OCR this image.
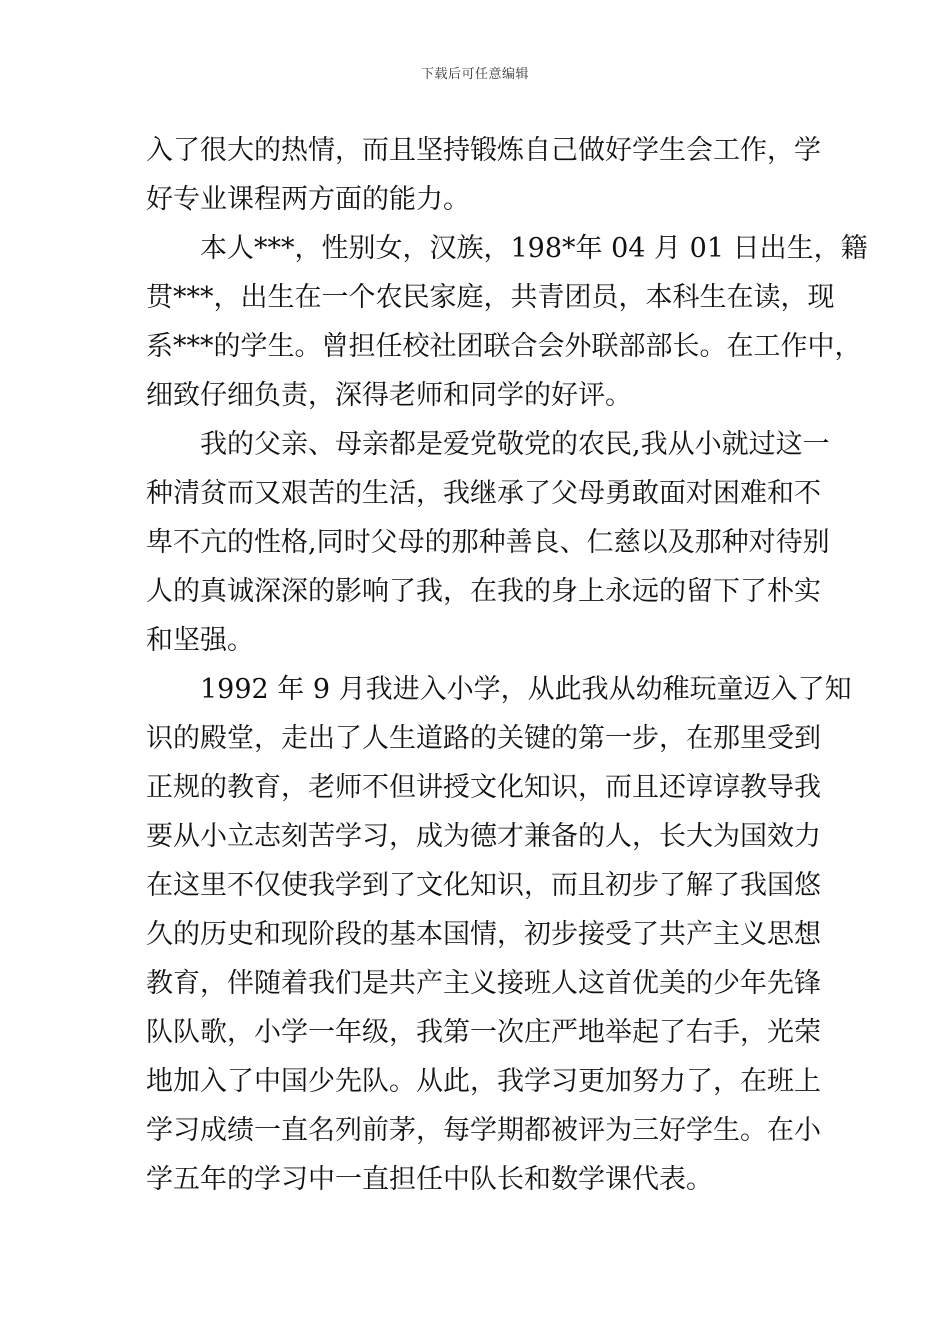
下载后可任意编辑
入了很大的热情，而且坚持锻炼自己做好学生会工作，学
好专业课程两方面的能力。
本人***，性别女，汉族，198*年 04 月 01 日出生，籍
贯***，出生在一个农民家庭，共青团员，本科生在读，现
系***的学生。曾担任校社团联合会外联部部长。在工作中，
细致仔细负责，深得老师和同学的好评。
我的父亲、母亲都是爱党敬党的农民,我从小就过这一
种清贫而又艰苦的生活，我继承了父母勇敢面对困难和不
卑不亢的性格,同时父母的那种善良、仁慈以及那种对待别
人的真诚深深的影响了我，在我的身上永远的留下了朴实
和坚强。
1992 年 9 月我进入小学，从此我从幼稚玩童迈入了知
识的殿堂，走出了人生道路的关键的第一步，在那里受到
正规的教育，老师不但讲授文化知识，而且还谆谆教导我
要从小立志刻苦学习，成为德才兼备的人，长大为国效力
在这里不仅使我学到了文化知识，而且初步了解了我国悠
久的历史和现阶段的基本国情，初步接受了共产主义思想
教育，伴随着我们是共产主义接班人这首优美的少年先锋
队队歌，小学一年级，我第一次庄严地举起了右手，光荣
地加入了中国少先队。从此，我学习更加努力了，在班上
学习成绩一直名列前茅，每学期都被评为三好学生。在小
学五年的学习中一直担任中队长和数学课代表。
